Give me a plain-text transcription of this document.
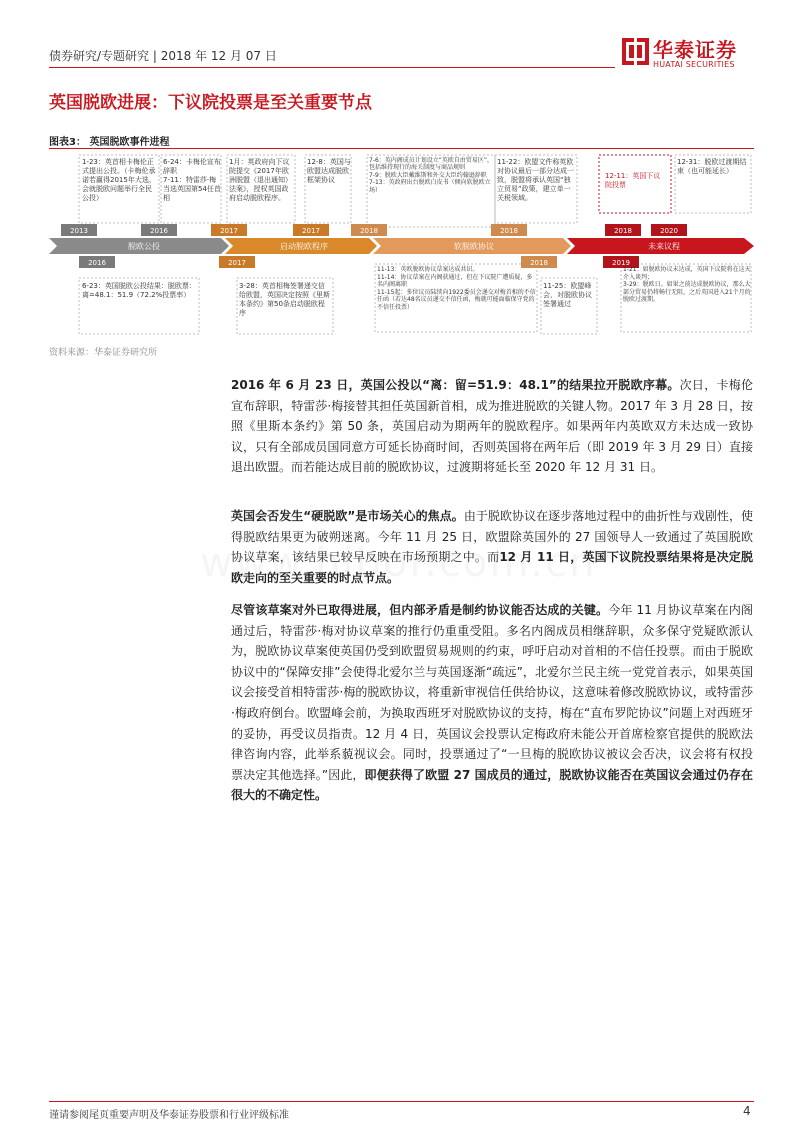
债券研究/专题研究 | 2018 年 12 月 07 日	华泰证券
HUATAI SECURITIES
英国脱欧进展：下议院投票是至关重要节点
图表3： 英国脱欧事件进程
2013	2016	2017	2017	2018	2018	2018	2020
2016	2017	2018	2019
脱欧公投	启动脱欧程序	软脱欧协议	未来议程
1-23：英首相卡梅伦正式提出公投。（卡梅伦承诺若赢得2015年大选，会就脱欧问题举行全民公投）
6-24：卡梅伦宣布辞职
7-11：特雷莎·梅当选英国第54任首相
1月：英政府向下议院提交《2017年欧洲脱盟（退出通知）法案》，授权英国政府启动脱欧程序。
12-8：英国与欧盟达成脱欧框架协议
7-6：英内阁成员计划设立“英欧自由贸易区”，包括维持现行的海关制度与商品规则
7-9：脱欧大臣戴维斯和外交大臣约翰逊辞职
7-13：英政府出台脱欧白皮书（倾向软脱欧立场）
11-22：欧盟文件称英欧对协议最后一部分达成一致，脱盟将承认英国“独立贸易”政策，建立单一关税领域。
12-11：英国下议院投票
12-31：脱欧过渡期结束（也可能延长）
6-23：英国脱欧公投结果：脱欧票：离=48.1：51.9（72.2%投票率）
3-28：英首相梅签署递交信给欧盟，英国决定按照《里斯本条约》第50条启动脱欧程序
11-13：英欧脱欧协议草案达成共识。
11-14：协议草案在内阁获通过，但在下议院广遭质疑，多名内阁离职
11-15起：多位议员陆续向1922委员会递交对梅首相的不信任函（若达48名议员递交不信任函，梅就可能面临保守党的不信任投票）
11-25：欧盟峰会，对脱欧协议签署通过
1-21：如脱欧协议未达成，英国下议院将在这天介入谈判；
3-29：脱欧日。如果之前达成脱欧协议，那么大部分贸易仍将畅行无阻，之后英国进入21个月的脱欧过渡期。
资料来源：华泰证券研究所
2016 年 6 月 23 日，英国公投以“离：留=51.9：48.1”的结果拉开脱欧序幕。次日，卡梅伦宣布辞职，特雷莎·梅接替其担任英国新首相，成为推进脱欧的关键人物。2017 年 3 月 28 日，按照《里斯本条约》第 50 条，英国启动为期两年的脱欧程序。如果两年内英欧双方未达成一致协议，只有全部成员国同意方可延长协商时间，否则英国将在两年后（即 2019 年 3 月 29 日）直接退出欧盟。而若能达成目前的脱欧协议，过渡期将延长至 2020 年 12 月 31 日。
英国会否发生“硬脱欧”是市场关心的焦点。由于脱欧协议在逐步落地过程中的曲折性与戏剧性，使得脱欧结果更为破朔迷离。今年 11 月 25 日，欧盟除英国外的 27 国领导人一致通过了英国脱欧协议草案，该结果已较早反映在市场预期之中。而12 月 11 日，英国下议院投票结果将是决定脱欧走向的至关重要的时点节点。
尽管该草案对外已取得进展，但内部矛盾是制约协议能否达成的关键。今年 11 月协议草案在内阁通过后，特雷莎·梅对协议草案的推行仍重重受阻。多名内阁成员相继辞职，众多保守党疑欧派认为，脱欧协议草案使英国仍受到欧盟贸易规则的约束，呼吁启动对首相的不信任投票。而由于脱欧协议中的“保障安排”会使得北爱尔兰与英国逐渐“疏远”，北爱尔兰民主统一党党首表示，如果英国议会接受首相特雷莎·梅的脱欧协议，将重新审视信任供给协议，这意味着修改脱欧协议，或特雷莎·梅政府倒台。欧盟峰会前，为换取西班牙对脱欧协议的支持，梅在“直布罗陀协议”问题上对西班牙的妥协，再受议员指责。12 月 4 日，英国议会投票认定梅政府未能公开首席检察官提供的脱欧法律咨询内容，此举系藐视议会。同时，投票通过了“一旦梅的脱欧协议被议会否决，议会将有权投票决定其他选择。”因此，即便获得了欧盟 27 国成员的通过，脱欧协议能否在英国议会通过仍存在很大的不确定性。
谨请参阅尾页重要声明及华泰证券股票和行业评级标准	4
